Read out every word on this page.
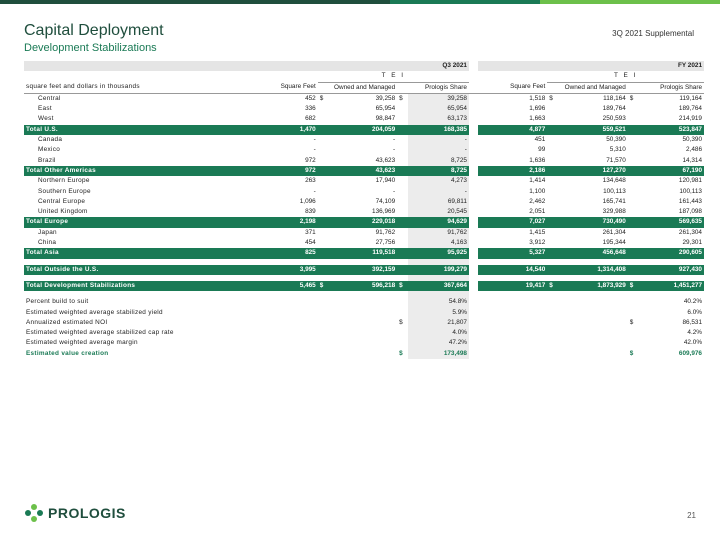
Capital Deployment
Development Stabilizations
3Q 2021 Supplemental
					Q3 2021						FY 2021
		T E I						T E I			
square feet and dollars in thousands	Square Feet	Owned and Managed		Prologis Share			Square Feet	Owned and Managed		Prologis Share	
Central	452	$	39,258	$	39,258		1,518	$	118,164	$	119,164
East	336		65,954		65,954		1,696		189,764		189,764
West	682		98,847		63,173		1,663		250,593		214,919
Total U.S.	1,470		204,059		168,385		4,877		559,521		523,847
Canada	-		-		-		451		50,390		50,390
Mexico	-		-		-		99		5,310		2,486
Brazil	972		43,623		8,725		1,636		71,570		14,314
Total Other Americas	972		43,623		8,725		2,186		127,270		67,190
Northern Europe	263		17,940		4,273		1,414		134,648		120,981
Southern Europe	-		-		-		1,100		100,113		100,113
Central Europe	1,096		74,109		69,811		2,462		165,741		161,443
United Kingdom	839		136,969		20,545		2,051		329,988		187,098
Total Europe	2,198		229,018		94,629		7,027		730,490		569,635
Japan	371		91,762		91,762		1,415		261,304		261,304
China	454		27,756		4,163		3,912		195,344		29,301
Total Asia	825		119,518		95,925		5,327		456,648		290,605

Total Outside the U.S.	3,995		392,159		199,279		14,540		1,314,408		927,430

Total Development Stabilizations	5,465	$	596,218	$	367,664		19,417	$	1,873,929	$	1,451,277

Percent build to suit					54.8%						40.2%
Estimated weighted average stabilized yield					5.9%						6.0%
Annualized estimated NOI				$	21,807					$	86,531
Estimated weighted average stabilized cap rate					4.0%						4.2%
Estimated weighted average margin					47.2%						42.0%
Estimated value creation				$	173,498					$	609,976
PROLOGIS	21
